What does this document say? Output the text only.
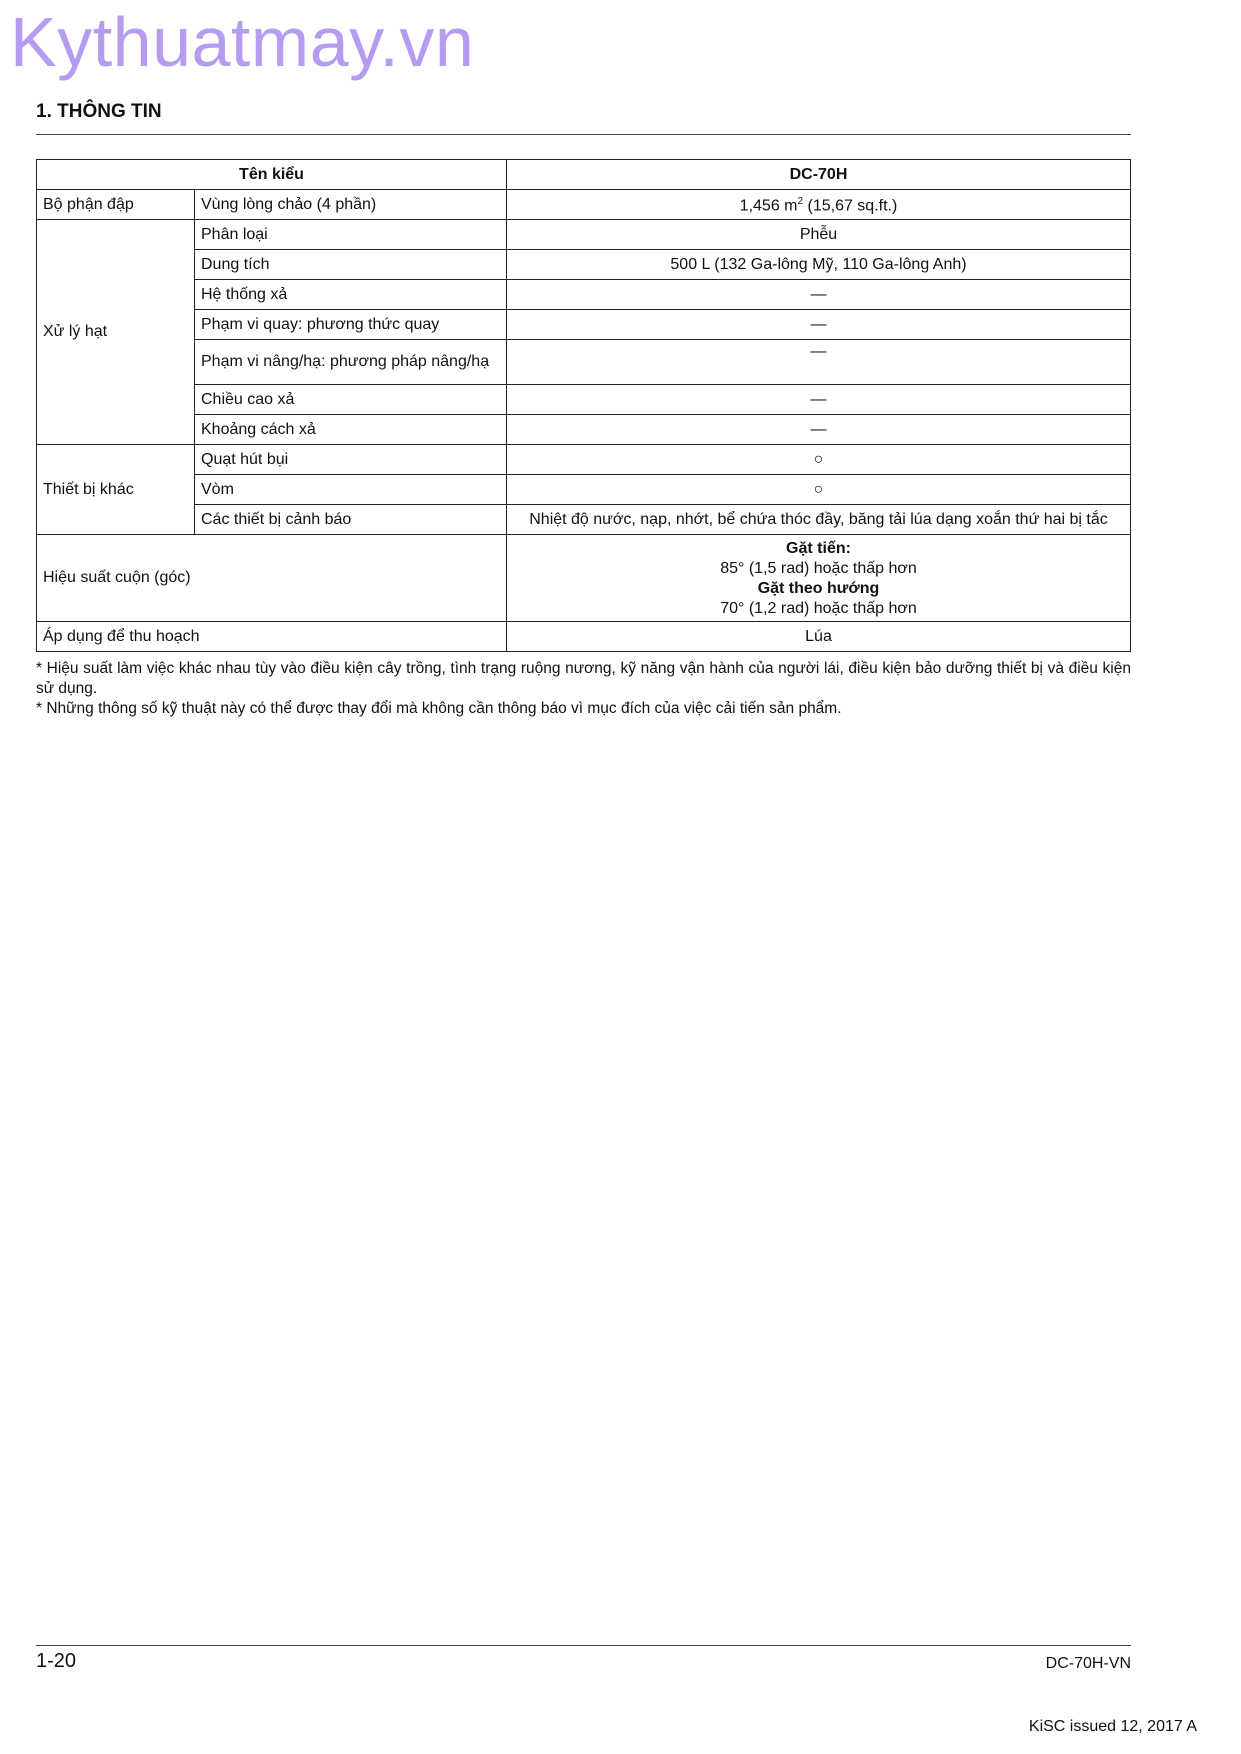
Kythuatmay.vn
1. THÔNG TIN
Tên kiểu		DC-70H
Bộ phận đập	Vùng lòng chảo (4 phần)	1,456 $m^2$ (15,67 sq.ft.)
Xử lý hạt	Phân loại	Phễu
	Dung tích	500 L (132 Ga-lông Mỹ, 110 Ga-lông Anh)
	Hệ thống xả	—
	Phạm vi quay: phương thức quay	—
	Phạm vi nâng/hạ: phương pháp nâng/hạ	—
	Chiều cao xả	—
	Khoảng cách xả	—
Thiết bị khác	Quạt hút bụi	○
	Vòm	○
	Các thiết bị cảnh báo	Nhiệt độ nước, nạp, nhớt, bể chứa thóc đầy, băng tải lúa dạng xoắn thứ hai bị tắc
Hiệu suất cuộn (góc)		Gặt tiến:
85° (1,5 rad) hoặc thấp hơn
Gặt theo hướng
70° (1,2 rad) hoặc thấp hơn

Áp dụng để thu hoạch		Lúa
* Hiệu suất làm việc khác nhau tùy vào điều kiện cây trồng, tình trạng ruộng nương, kỹ năng vận hành của người lái, điều kiện bảo dưỡng thiết bị và điều kiện sử dụng.
* Những thông số kỹ thuật này có thể được thay đổi mà không cần thông báo vì mục đích của việc cải tiến sản phẩm.
1-20	DC-70H-VN
KiSC issued 12, 2017 A
